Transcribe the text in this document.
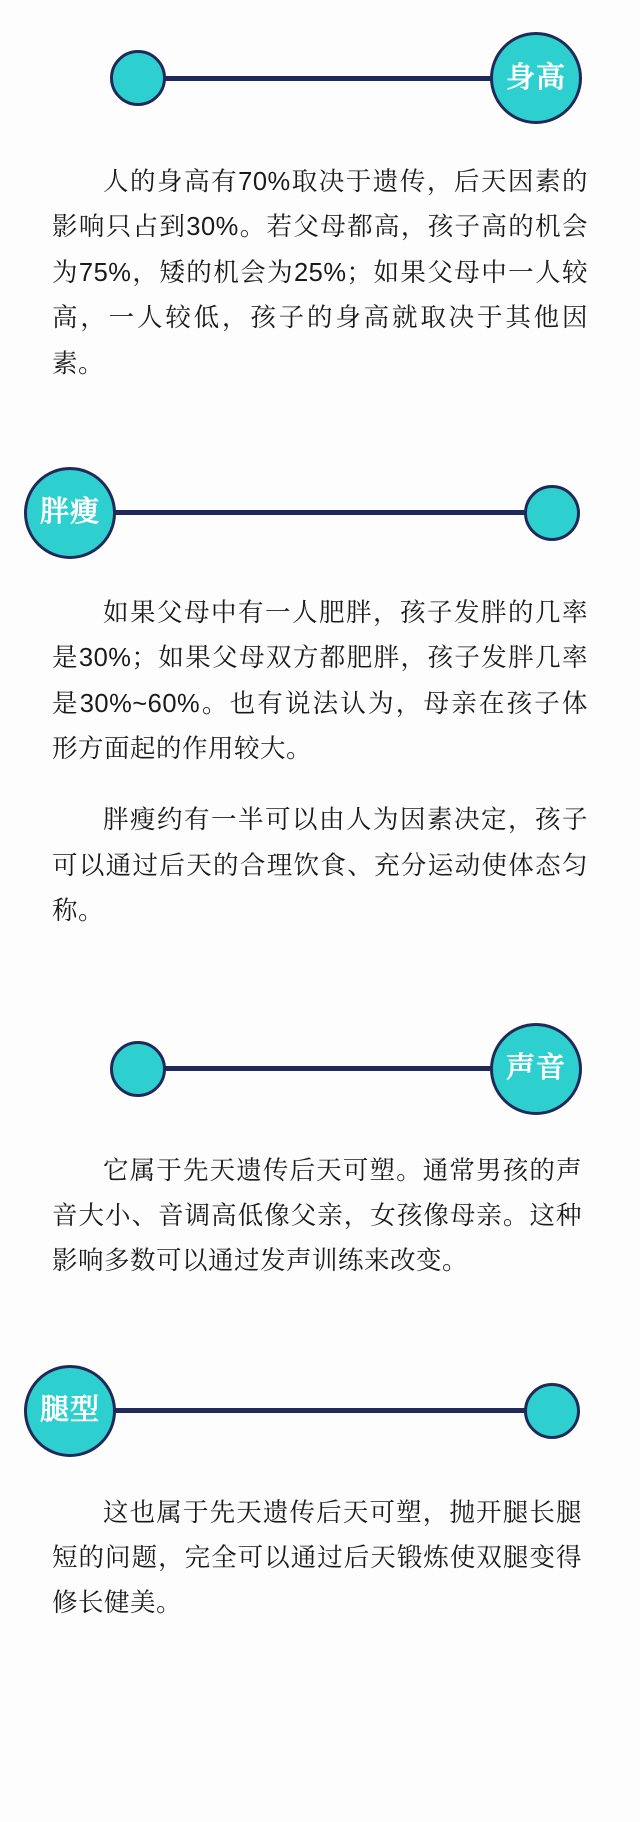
身高

人的身高有70%取决于遗传，后天因素的影响只占到30%。若父母都高，孩子高的机会为75%，矮的机会为25%；如果父母中一人较高，一人较低，孩子的身高就取决于其他因素。

胖瘦

如果父母中有一人肥胖，孩子发胖的几率是30%；如果父母双方都肥胖，孩子发胖几率是30%~60%。也有说法认为，母亲在孩子体形方面起的作用较大。

胖瘦约有一半可以由人为因素决定，孩子可以通过后天的合理饮食、充分运动使体态匀称。

声音

它属于先天遗传后天可塑。通常男孩的声音大小、音调高低像父亲，女孩像母亲。这种影响多数可以通过发声训练来改变。

腿型

这也属于先天遗传后天可塑，抛开腿长腿短的问题，完全可以通过后天锻炼使双腿变得修长健美。
